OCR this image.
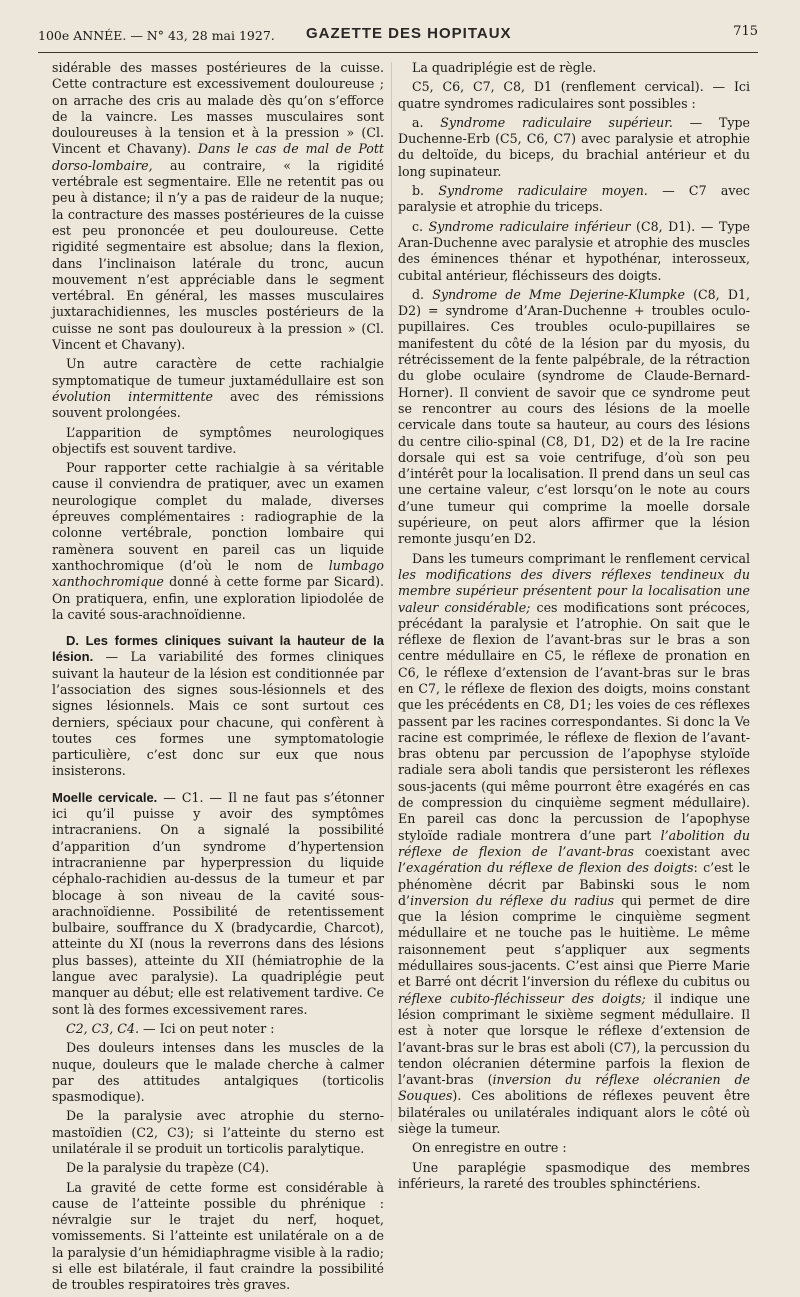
100e ANNÉE. — N° 43, 28 mai 1927. GAZETTE DES HOPITAUX	715

sidérable des masses postérieures de la cuisse. Cette contracture est excessivement douloureuse ; on arrache des cris au malade dès qu’on s’efforce de la vaincre. Les masses musculaires sont douloureuses à la tension et à la pression » (Cl. Vincent et Chavany). Dans le cas de mal de Pott dorso-lombaire, au contraire, « la rigidité vertébrale est segmentaire. Elle ne retentit pas ou peu à distance; il n’y a pas de raideur de la nuque; la contracture des masses postérieures de la cuisse est peu prononcée et peu douloureuse. Cette rigidité segmentaire est absolue; dans la flexion, dans l’inclinaison latérale du tronc, aucun mouvement n’est appréciable dans le segment vertébral. En général, les masses musculaires juxtarachidiennes, les muscles postérieurs de la cuisse ne sont pas douloureux à la pression » (Cl. Vincent et Chavany).

Un autre caractère de cette rachialgie symptomatique de tumeur juxtamédullaire est son évolution intermittente avec des rémissions souvent prolongées.

L’apparition de symptômes neurologiques objectifs est souvent tardive.

Pour rapporter cette rachialgie à sa véritable cause il conviendra de pratiquer, avec un examen neurologique complet du malade, diverses épreuves complémentaires : radiographie de la colonne vertébrale, ponction lombaire qui ramènera souvent en pareil cas un liquide xanthochromique (d’où le nom de lumbago xanthochromique donné à cette forme par Sicard). On pratiquera, enfin, une exploration lipiodolée de la cavité sous-arachnoïdienne.

D. Les formes cliniques suivant la hauteur de la lésion. — La variabilité des formes cliniques suivant la hauteur de la lésion est conditionnée par l’association des signes sous-lésionnels et des signes lésionnels. Mais ce sont surtout ces derniers, spéciaux pour chacune, qui confèrent à toutes ces formes une symptomatologie particulière, c’est donc sur eux que nous insisterons.

Moelle cervicale. — C1. — Il ne faut pas s’étonner ici qu’il puisse y avoir des symptômes intracraniens. On a signalé la possibilité d’apparition d’un syndrome d’hypertension intracranienne par hyperpression du liquide céphalo-rachidien au-dessus de la tumeur et par blocage à son niveau de la cavité sous-arachnoïdienne. Possibilité de retentissement bulbaire, souffrance du X (bradycardie, Charcot), atteinte du XI (nous la reverrons dans des lésions plus basses), atteinte du XII (hémiatrophie de la langue avec paralysie). La quadriplégie peut manquer au début; elle est relativement tardive. Ce sont là des formes excessivement rares.

C2, C3, C4. — Ici on peut noter :

Des douleurs intenses dans les muscles de la nuque, douleurs que le malade cherche à calmer par des attitudes antalgiques (torticolis spasmodique).

De la paralysie avec atrophie du sterno-mastoïdien (C2, C3); si l’atteinte du sterno est unilatérale il se produit un torticolis paralytique.

De la paralysie du trapèze (C4).

La gravité de cette forme est considérable à cause de l’atteinte possible du phrénique : névralgie sur le trajet du nerf, hoquet, vomissements. Si l’atteinte est unilatérale on a de la paralysie d’un hémidiaphragme visible à la radio; si elle est bilatérale, il faut craindre la possibilité de troubles respiratoires très graves.

La quadriplégie est de règle.

C5, C6, C7, C8, D1 (renflement cervical). — Ici quatre syndromes radiculaires sont possibles :

a. Syndrome radiculaire supérieur. — Type Duchenne-Erb (C5, C6, C7) avec paralysie et atrophie du deltoïde, du biceps, du brachial antérieur et du long supinateur.

b. Syndrome radiculaire moyen. — C7 avec paralysie et atrophie du triceps.

c. Syndrome radiculaire inférieur (C8, D1). — Type Aran-Duchenne avec paralysie et atrophie des muscles des éminences thénar et hypothénar, interosseux, cubital antérieur, fléchisseurs des doigts.

d. Syndrome de Mme Dejerine-Klumpke (C8, D1, D2) = syndrome d’Aran-Duchenne + troubles oculo-pupillaires. Ces troubles oculo-pupillaires se manifestent du côté de la lésion par du myosis, du rétrécissement de la fente palpébrale, de la rétraction du globe oculaire (syndrome de Claude-Bernard-Horner). Il convient de savoir que ce syndrome peut se rencontrer au cours des lésions de la moelle cervicale dans toute sa hauteur, au cours des lésions du centre cilio-spinal (C8, D1, D2) et de la Ire racine dorsale qui est sa voie centrifuge, d’où son peu d’intérêt pour la localisation. Il prend dans un seul cas une certaine valeur, c’est lorsqu’on le note au cours d’une tumeur qui comprime la moelle dorsale supérieure, on peut alors affirmer que la lésion remonte jusqu’en D2.

Dans les tumeurs comprimant le renflement cervical les modifications des divers réflexes tendineux du membre supérieur présentent pour la localisation une valeur considérable; ces modifications sont précoces, précédant la paralysie et l’atrophie. On sait que le réflexe de flexion de l’avant-bras sur le bras a son centre médullaire en C5, le réflexe de pronation en C6, le réflexe d’extension de l’avant-bras sur le bras en C7, le réflexe de flexion des doigts, moins constant que les précédents en C8, D1; les voies de ces réflexes passent par les racines correspondantes. Si donc la Ve racine est comprimée, le réflexe de flexion de l’avant-bras obtenu par percussion de l’apophyse styloïde radiale sera aboli tandis que persisteront les réflexes sous-jacents (qui même pourront être exagérés en cas de compression du cinquième segment médullaire). En pareil cas donc la percussion de l’apophyse styloïde radiale montrera d’une part l’abolition du réflexe de flexion de l’avant-bras coexistant avec l’exagération du réflexe de flexion des doigts: c’est le phénomène décrit par Babinski sous le nom d’inversion du réflexe du radius qui permet de dire que la lésion comprime le cinquième segment médullaire et ne touche pas le huitième. Le même raisonnement peut s’appliquer aux segments médullaires sous-jacents. C’est ainsi que Pierre Marie et Barré ont décrit l’inversion du réflexe du cubitus ou réflexe cubito-fléchisseur des doigts; il indique une lésion comprimant le sixième segment médullaire. Il est à noter que lorsque le réflexe d’extension de l’avant-bras sur le bras est aboli (C7), la percussion du tendon olécranien détermine parfois la flexion de l’avant-bras (inversion du réflexe olécranien de Souques). Ces abolitions de réflexes peuvent être bilatérales ou unilatérales indiquant alors le côté où siège la tumeur.

On enregistre en outre :

Une paraplégie spasmodique des membres inférieurs, la rareté des troubles sphinctériens.
